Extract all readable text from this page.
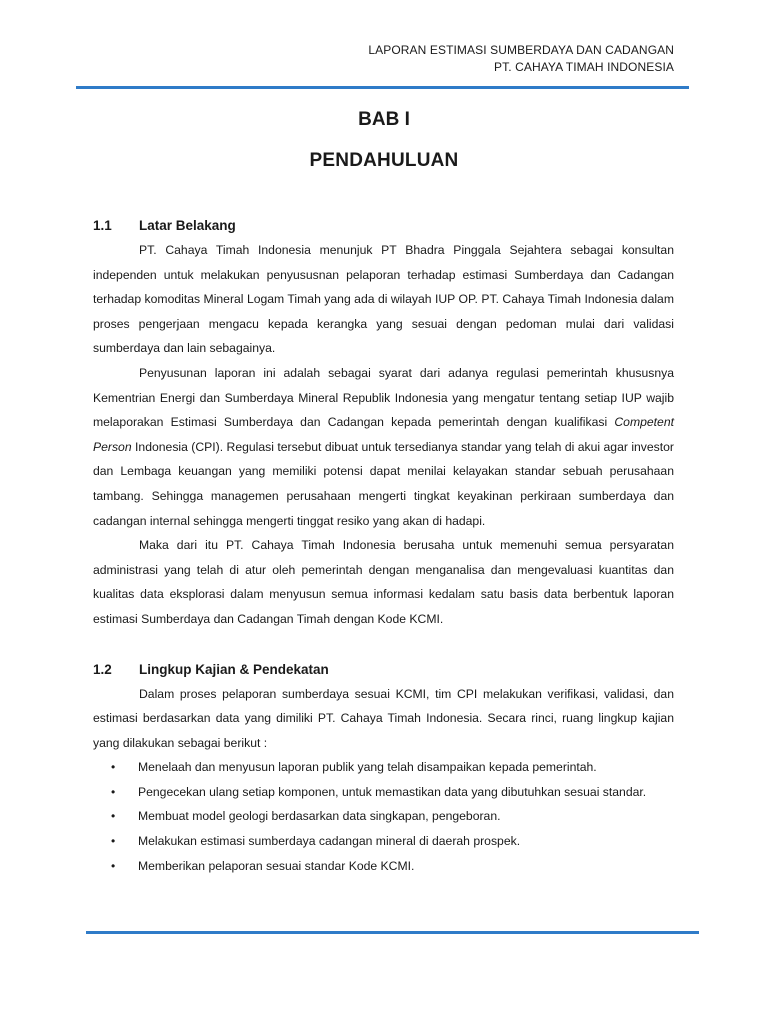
LAPORAN ESTIMASI SUMBERDAYA DAN CADANGAN
PT. CAHAYA TIMAH INDONESIA
BAB I
PENDAHULUAN
1.1 Latar Belakang

PT. Cahaya Timah Indonesia menunjuk PT Bhadra Pinggala Sejahtera sebagai konsultan independen untuk melakukan penyususnan pelaporan terhadap estimasi Sumberdaya dan Cadangan terhadap komoditas Mineral Logam Timah yang ada di wilayah IUP OP. PT. Cahaya Timah Indonesia dalam proses pengerjaan mengacu kepada kerangka yang sesuai dengan pedoman mulai dari validasi sumberdaya dan lain sebagainya.

Penyusunan laporan ini adalah sebagai syarat dari adanya regulasi pemerintah khususnya Kementrian Energi dan Sumberdaya Mineral Republik Indonesia yang mengatur tentang setiap IUP wajib melaporakan Estimasi Sumberdaya dan Cadangan kepada pemerintah dengan kualifikasi Competent Person Indonesia (CPI). Regulasi tersebut dibuat untuk tersedianya standar yang telah di akui agar investor dan Lembaga keuangan yang memiliki potensi dapat menilai kelayakan standar sebuah perusahaan tambang. Sehingga managemen perusahaan mengerti tingkat keyakinan perkiraan sumberdaya dan cadangan internal sehingga mengerti tinggat resiko yang akan di hadapi.

Maka dari itu PT. Cahaya Timah Indonesia berusaha untuk memenuhi semua persyaratan administrasi yang telah di atur oleh pemerintah dengan menganalisa dan mengevaluasi kuantitas dan kualitas data eksplorasi dalam menyusun semua informasi kedalam satu basis data berbentuk laporan estimasi Sumberdaya dan Cadangan Timah dengan Kode KCMI.

1.2 Lingkup Kajian & Pendekatan

Dalam proses pelaporan sumberdaya sesuai KCMI, tim CPI melakukan verifikasi, validasi, dan estimasi berdasarkan data yang dimiliki PT. Cahaya Timah Indonesia. Secara rinci, ruang lingkup kajian yang dilakukan sebagai berikut :

• Menelaah dan menyusun laporan publik yang telah disampaikan kepada pemerintah.
• Pengecekan ulang setiap komponen, untuk memastikan data yang dibutuhkan sesuai standar.
• Membuat model geologi berdasarkan data singkapan, pengeboran.
• Melakukan estimasi sumberdaya cadangan mineral di daerah prospek.
• Memberikan pelaporan sesuai standar Kode KCMI.
